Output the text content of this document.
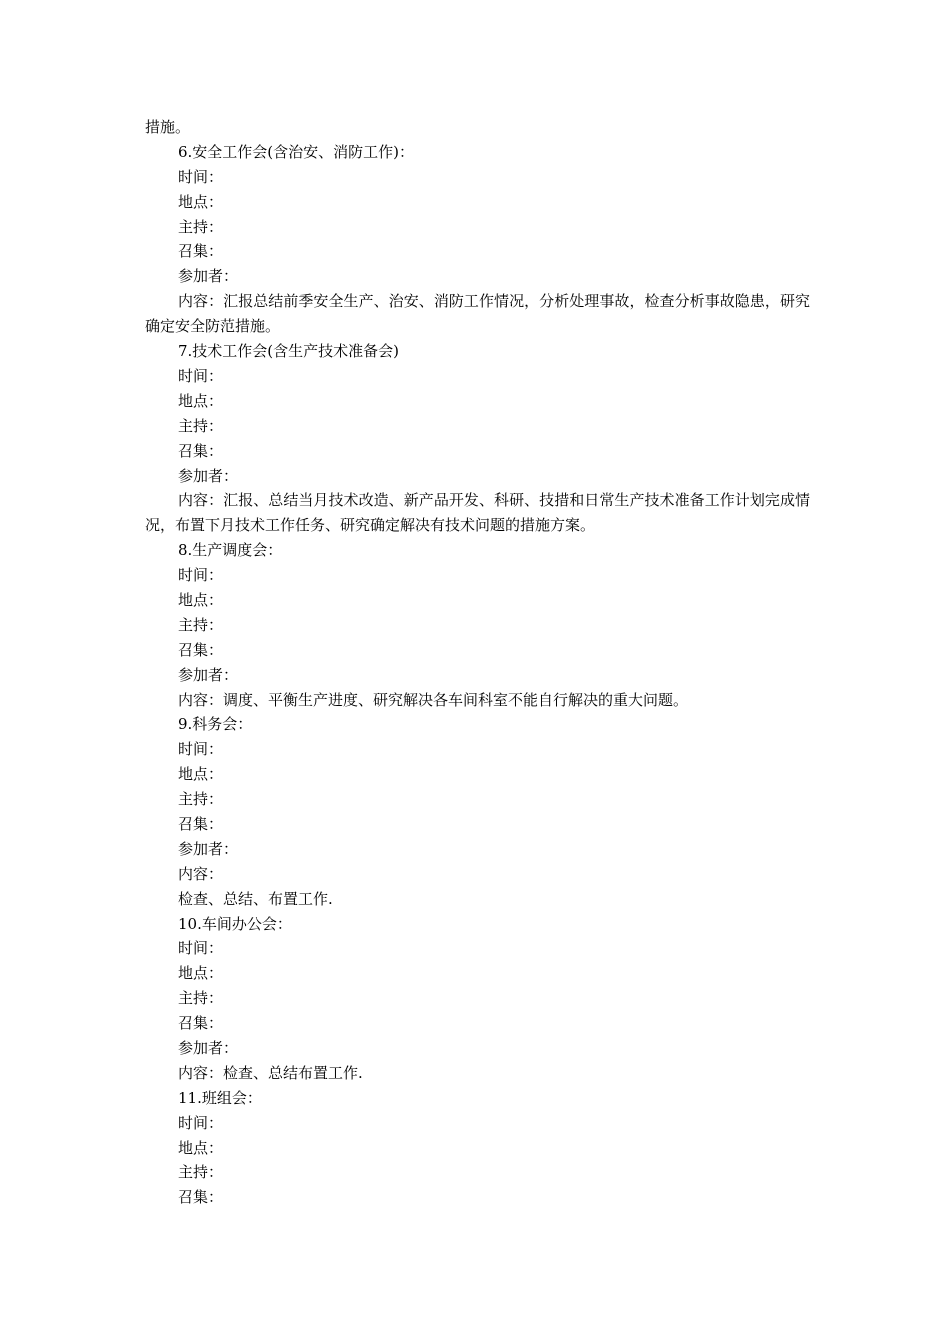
措施。
6.安全工作会(含治安、消防工作)：
时间：
地点：
主持：
召集：
参加者：
内容：汇报总结前季安全生产、治安、消防工作情况，分析处理事故，检查分析事故隐患，研究确定安全防范措施。
7.技术工作会(含生产技术准备会)
时间：
地点：
主持：
召集：
参加者：
内容：汇报、总结当月技术改造、新产品开发、科研、技措和日常生产技术准备工作计划完成情况，布置下月技术工作任务、研究确定解决有技术问题的措施方案。
8.生产调度会：
时间：
地点：
主持：
召集：
参加者：
内容：调度、平衡生产进度、研究解决各车间科室不能自行解决的重大问题。
9.科务会：
时间：
地点：
主持：
召集：
参加者：
内容：
检查、总结、布置工作.
10.车间办公会：
时间：
地点：
主持：
召集：
参加者：
内容：检查、总结布置工作.
11.班组会：
时间：
地点：
主持：
召集：
